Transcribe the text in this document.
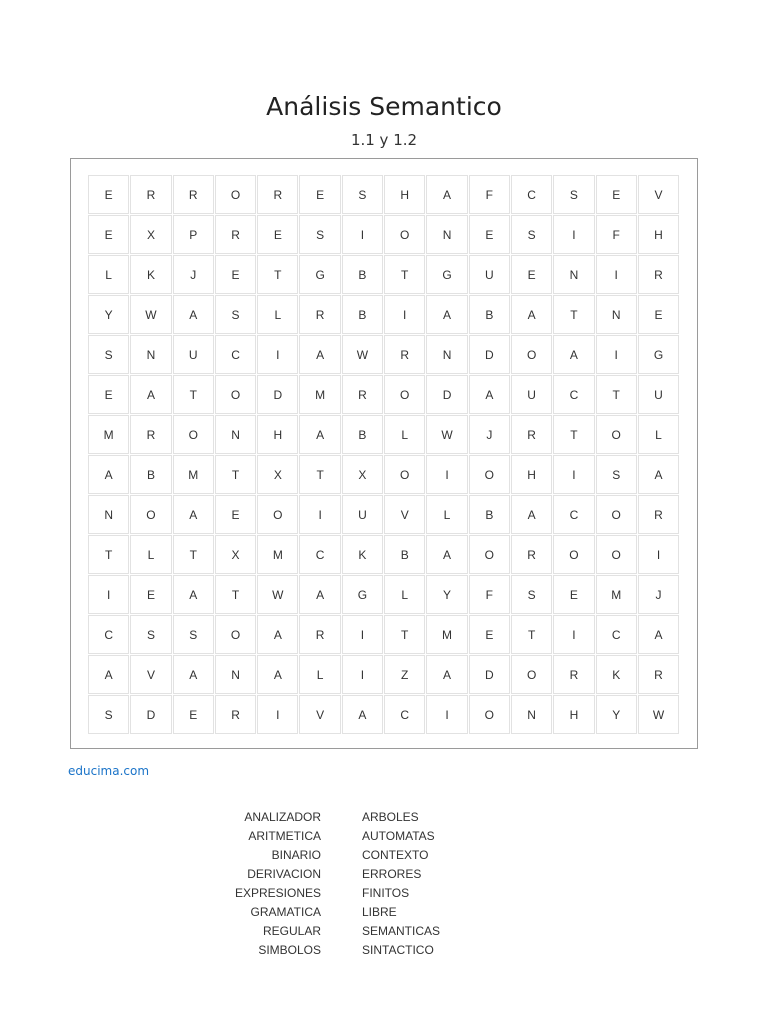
Análisis Semantico
1.1 y 1.2
E	R	R	O	R	E	S	H	A	F	C	S	E	V
E	X	P	R	E	S	I	O	N	E	S	I	F	H
L	K	J	E	T	G	B	T	G	U	E	N	I	R
Y	W	A	S	L	R	B	I	A	B	A	T	N	E
S	N	U	C	I	A	W	R	N	D	O	A	I	G
E	A	T	O	D	M	R	O	D	A	U	C	T	U
M	R	O	N	H	A	B	L	W	J	R	T	O	L
A	B	M	T	X	T	X	O	I	O	H	I	S	A
N	O	A	E	O	I	U	V	L	B	A	C	O	R
T	L	T	X	M	C	K	B	A	O	R	O	O	I
I	E	A	T	W	A	G	L	Y	F	S	E	M	J
C	S	S	O	A	R	I	T	M	E	T	I	C	A
A	V	A	N	A	L	I	Z	A	D	O	R	K	R
S	D	E	R	I	V	A	C	I	O	N	H	Y	W
educima.com
ANALIZADOR
ARITMETICA
BINARIO
DERIVACION
EXPRESIONES
GRAMATICA
REGULAR
SIMBOLOS
ARBOLES
AUTOMATAS
CONTEXTO
ERRORES
FINITOS
LIBRE
SEMANTICAS
SINTACTICO
